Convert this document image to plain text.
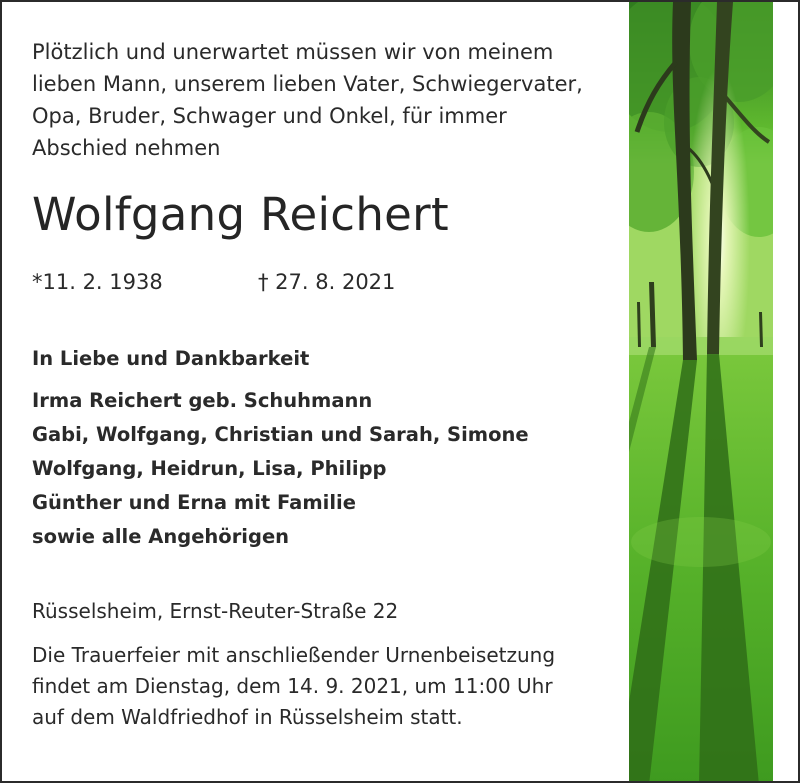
Plötzlich und unerwartet müssen wir von meinem
lieben Mann, unserem lieben Vater, Schwiegervater,
Opa, Bruder, Schwager und Onkel, für immer
Abschied nehmen

Wolfgang Reichert
*11. 2. 1938	† 27. 8. 2021
In Liebe und Dankbarkeit
Irma Reichert geb. Schuhmann
Gabi, Wolfgang, Christian und Sarah, Simone
Wolfgang, Heidrun, Lisa, Philipp
Günther und Erna mit Familie
sowie alle Angehörigen
Rüsselsheim, Ernst-Reuter-Straße 22

Die Trauerfeier mit anschließender Urnenbeisetzung
findet am Dienstag, dem 14. 9. 2021, um 11:00 Uhr
auf dem Waldfriedhof in Rüsselsheim statt.
